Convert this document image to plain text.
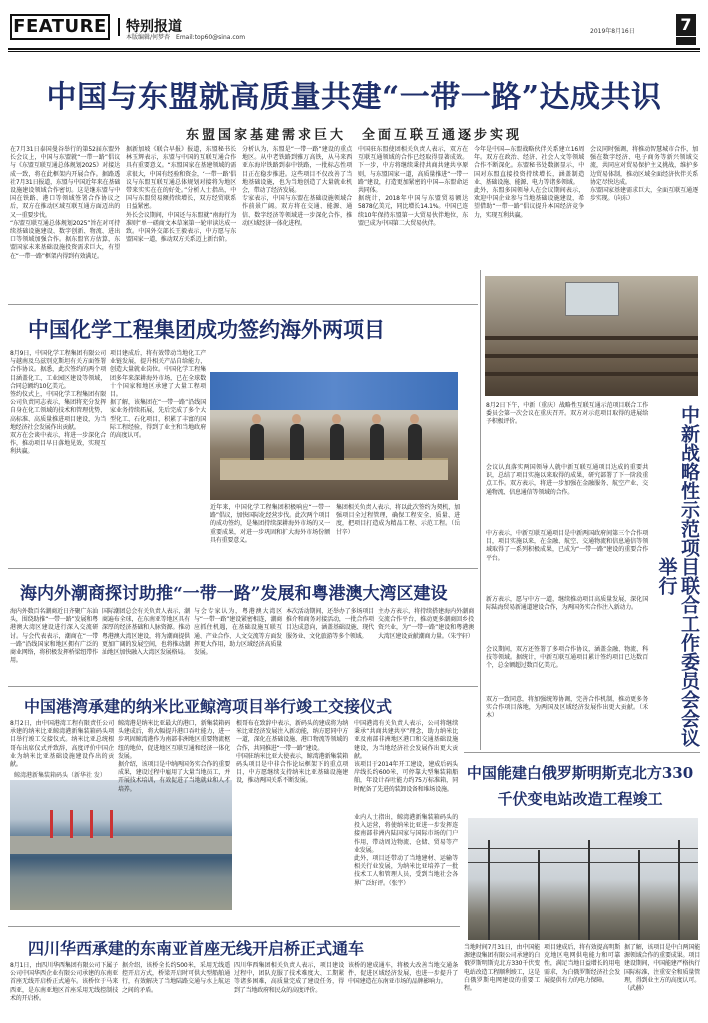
FEATURE 特别报道
本版编辑/何梦杏　Email:top60@sina.com
2019年8月16日	7
中国与东盟就高质量共建“一带一路”达成共识
东盟国家基建需求巨大　全面互联互通逐步实现

在7月31日泰国曼谷举行的第52届东盟外长会议上，中国与东盟就“一带一路”倡议与《东盟互联互通总体规划2025》对接达成一致，将在此框架内开展合作。据路透社7月31日报道，东盟与中国近年来在基础设施建设领域合作密切。这是继东盟与中国在铁路、港口等领域签署合作协议之后，双方在推动区域互联互通方面迈出的又一重要步伐。

“东盟互联互通总体规划2025”旨在对可持续基础设施建设、数字创新、物流、进出口等领域加强合作。据东盟官方估算，东盟国家未来基础设施投资需求巨大，有望在“一带一路”框架内得到有效满足。

据新加坡《联合早报》报道，东盟秘书长林玉辉表示，东盟与中国的互联互通合作具有重要意义。“东盟国家在基建领域的需求很大，中国有经验和资金，‘一带一路’倡议与东盟互联互通总体规划对接将为地区带来实实在在的好处。”分析人士指出，中国与东盟贸易额持续增长，双方经贸联系日益紧密。

外长会议期间，中国还与东盟就“南海行为准则”单一磋商文本草案第一轮审读达成一致。中国外交部长王毅表示，中方愿与东盟国家一道，推动双方关系迈上新台阶。

分析认为，东盟是“一带一路”建设的重点地区。从中老铁路到雅万高铁，从马来西亚东海岸铁路到泰中铁路，一批标志性项目正在稳步推进。这些项目不仅改善了当地基础设施，也为当地创造了大量就业机会，带动了经济发展。

专家表示，中国与东盟在基础设施领域合作前景广阔。双方将在交通、能源、通信、数字经济等领域进一步深化合作，推动区域经济一体化进程。

中国驻东盟使团相关负责人表示，双方在互联互通领域的合作已经取得显著成效。下一步，中方将继续秉持共商共建共享原则，与东盟国家一道，高质量推进“一带一路”建设，打造更加紧密的中国—东盟命运共同体。

据统计，2018年中国与东盟贸易额达5878亿美元，同比增长14.1%。中国已连续10年保持东盟第一大贸易伙伴地位，东盟已成为中国第二大贸易伙伴。

今年是中国—东盟战略伙伴关系建立16周年。双方在政治、经济、社会人文等领域合作不断深化。东盟秘书处数据显示，中国对东盟直接投资持续增长，涵盖制造业、基础设施、能源、电力等诸多领域。

此外，东盟多国领导人在会议期间表示，欢迎中国企业参与当地基础设施建设，希望借助“一带一路”倡议提升本国经济竞争力，实现互利共赢。

会议同时强调，将推动智慧城市合作，加强在数字经济、电子商务等新兴领域交流，共同应对贸易保护主义挑战，维护多边贸易体制，推动区域全面经济伙伴关系协定尽快达成。

东盟国家基建需求巨大，全面互联互通逐步实现。（向东）

中国化学工程集团成功签约海外两项目

8月9日，中国化学工程集团有限公司与越南及乌兹别克斯坦有关方面签署合作协议。据悉，此次签约的两个项目涵盖化工、工业园区建设等领域，合同总额约10亿美元。

签约仪式上，中国化学工程集团有限公司负责同志表示，集团将充分发挥自身在化工领域的技术和管理优势，高标准、高质量推进项目建设，为当地经济社会发展作出贡献。

双方在会谈中表示，将进一步深化合作，推动项目早日落地见效，实现互利共赢。

项目建成后，将有效带动当地化工产业链发展，提升相关产品自给能力，创造大量就业岗位。中国化学工程集团多年来深耕海外市场，已在全球数十个国家和地区承建了大量工程项目。

据了解，该集团在“一带一路”沿线国家业务持续拓展，先后完成了多个大型化工、石化项目，积累了丰富的国际工程经验，得到了业主和当地政府的高度认可。

近年来，中国化学工程集团积极响应“一带一路”倡议，加快国际化经营步伐。此次两个项目的成功签约，是集团持续深耕海外市场的又一重要成果，对进一步巩固和扩大海外市场份额具有重要意义。

集团相关负责人表示，将以此次签约为契机，加强项目全过程管理，确保工程安全、质量、进度，把项目打造成为精品工程、示范工程。（岳甘辛）

海内外潮商探讨助推“一带一路”发展和粤港澳大湾区建设

海内外数百名潮商近日齐聚广东汕头，围绕助推“一带一路”发展和粤港澳大湾区建设进行深入交流研讨。与会代表表示，潮商在“一带一路”沿线国家和地区拥有广泛的商业网络，将积极发挥桥梁纽带作用。

国际潮团总会有关负责人表示，潮商遍布全球，在东南亚等地区具有深厚的经济基础和人脉资源。推动粤港澳大湾区建设，将为潮商提供更加广阔的发展空间，也将推动潮汕地区加快融入大湾区发展格局。

与会专家认为，粤港澳大湾区与“一带一路”建设紧密相连，潮商应抓住机遇，在基础设施互联互通、产业合作、人文交流等方面发挥更大作用，助力区域经济高质量发展。

本次活动期间，还举办了多场项目推介和商务对接活动，一批合作项目达成意向，涵盖基础设施、现代服务业、文化旅游等多个领域。

主办方表示，将持续搭建海内外潮商交流合作平台，推动更多潮商回乡投资兴业，为“一带一路”建设和粤港澳大湾区建设贡献潮商力量。（朱宇轩）

中国港湾承建的纳米比亚鲸湾项目举行竣工交接仪式

8月2日，由中国港湾工程有限责任公司承建的纳米比亚鲸湾港新集装箱码头项目举行竣工交接仪式。纳米比亚总统根哥布出席仪式并致辞，高度评价中国企业为纳米比亚基础设施建设作出的贡献。

鲸湾港新集装箱码头（新华社 发）

鲸湾港是纳米比亚最大的港口，新集装箱码头建成后，将大幅提升港口吞吐能力，进一步巩固鲸湾港作为南部非洲地区重要物流枢纽的地位，促进地区互联互通和经济一体化发展。

据介绍，该项目是中纳两国务实合作的重要成果，建设过程中雇用了大量当地员工，并开展技术培训，有效促进了当地就业和人才培养。

根哥布在致辞中表示，新码头的建成将为纳米比亚经济发展注入新动能，纳方愿同中方一道，深化在基础设施、港口物流等领域的合作，共同推进“一带一路”建设。

中国驻纳米比亚大使表示，鲸湾港新集装箱码头项目是中非合作论坛框架下的重点项目，中方愿继续支持纳米比亚基础设施建设，推动两国关系不断发展。

中国港湾有关负责人表示，公司将继续秉承“共商共建共享”理念，助力纳米比亚及南部非洲地区港口和交通基础设施建设，为当地经济社会发展作出更大贡献。

该项目于2014年开工建设，建成后码头岸线长约600米，可停靠大型集装箱船舶，年设计吞吐能力约75万标准箱，同时配备了先进的装卸设备和堆场设施。

业内人士指出，鲸湾港新集装箱码头的投入运营，将使纳米比亚进一步发挥连接南部非洲内陆国家与国际市场的门户作用，带动周边物流、仓储、贸易等产业发展。

此外，项目还带动了当地建材、运输等相关行业发展，为纳米比亚培养了一批技术工人和管理人员，受到当地社会各界广泛好评。（张宇）

四川华西承建的东南亚首座无线开启桥正式通车

8月1日，由四川华西集团有限公司下属子公司中国华西企业有限公司承建的东南亚首座无线开启桥正式通车。该桥位于马来西亚，是东南亚地区首座采用无线控制技术的开启桥。

据介绍，该桥全长约500米，采用无线遥控开启方式，桥梁开启时可供大型船舶通行，有效解决了当地陆路交通与水上航运之间的矛盾。

四川华西集团相关负责人表示，项目建设过程中，团队克服了技术难度大、工期紧等诸多困难，高质量完成了建设任务，得到了当地政府和民众的高度评价。

该桥的建成通车，将极大改善当地交通条件，促进区域经济发展，也进一步提升了中国建造在东南亚市场的品牌影响力。

中新战略性示范项目联合工作委员会会议举行

8月2日下午，中新（重庆）战略性互联互通示范项目联合工作委员会第一次会议在重庆召开。双方对示范项目取得的进展给予积极评价。

会议认真落实两国领导人就中新互联互通项目达成的重要共识，总结了项目实施以来取得的成果，研究部署了下一阶段重点工作。双方表示，将进一步加强在金融服务、航空产业、交通物流、信息通信等领域的合作。

中方表示，中新互联互通项目是中新两国政府间第三个合作项目，项目实施以来，在金融、航空、交通物流和信息通信等领域取得了一系列积极成果，已成为“一带一路”建设的重要合作平台。

新方表示，愿与中方一道，继续推动项目高质量发展，深化国际陆海贸易新通道建设合作，为两国务实合作注入新动力。

会议期间，双方还签署了多项合作协议，涵盖金融、物流、科技等领域。据统计，中新互联互通项目累计签约项目已达数百个，总金额超过数百亿美元。

双方一致同意，将加强统筹协调，完善合作机制，推动更多务实合作项目落地，为两国及区域经济发展作出更大贡献。（禾木）

中国能建白俄罗斯明斯克北方330千伏变电站改造工程竣工

当地时间7月31日，由中国能源建设集团有限公司承建的白俄罗斯明斯克北方330千伏变电站改造工程顺利竣工，这是白俄罗斯电网建设的重要工程。

项目建成后，将有效提高明斯克地区电网供电能力和可靠性，满足当地日益增长的用电需求，为白俄罗斯经济社会发展提供有力的电力保障。

据了解，该项目是中白两国能源领域合作的重要成果。项目建设期间，中国能建严格执行国际标准，注重安全和质量管理，得到业主方的高度认可。（武赫）
